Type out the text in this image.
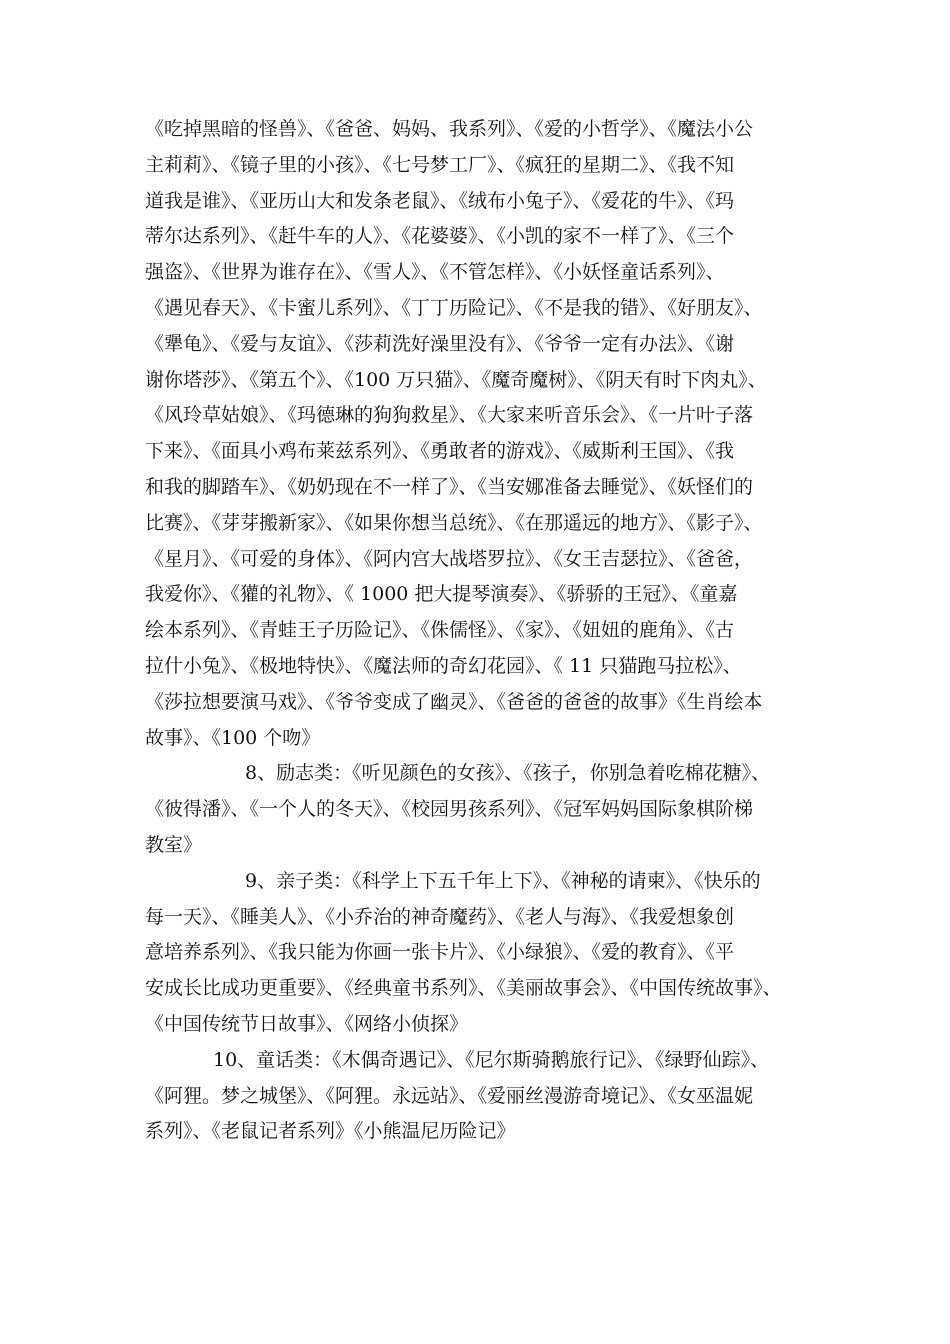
《吃掉黑暗的怪兽》、《爸爸、妈妈、我系列》、《爱的小哲学》、《魔法小公
主莉莉》、《镜子里的小孩》、《七号梦工厂》、《疯狂的星期二》、《我不知
道我是谁》、《亚历山大和发条老鼠》、《绒布小兔子》、《爱花的牛》、《玛
蒂尔达系列》、《赶牛车的人》、《花婆婆》、《小凯的家不一样了》、《三个
强盗》、《世界为谁存在》、《雪人》、《不管怎样》、《小妖怪童话系列》、
《遇见春天》、《卡蜜儿系列》、《丁丁历险记》、《不是我的错》、《好朋友》、
《犟龟》、《爱与友谊》、《莎莉洗好澡里没有》、《爷爷一定有办法》、《谢
谢你塔莎》、《第五个》、《100 万只猫》、《魔奇魔树》、《阴天有时下肉丸》、
《风玲草姑娘》、《玛德琳的狗狗救星》、《大家来听音乐会》、《一片叶子落
下来》、《面具小鸡布莱兹系列》、《勇敢者的游戏》、《威斯利王国》、《我
和我的脚踏车》、《奶奶现在不一样了》、《当安娜准备去睡觉》、《妖怪们的
比赛》、《芽芽搬新家》、《如果你想当总统》、《在那遥远的地方》、《影子》、
《星月》、《可爱的身体》、《阿内宫大战塔罗拉》、《女王吉瑟拉》、《爸爸，
我爱你》、《獾的礼物》、《 1000 把大提琴演奏》、《骄骄的王冠》、《童嘉
绘本系列》、《青蛙王子历险记》、《侏儒怪》、《家》、《妞妞的鹿角》、《古
拉什小兔》、《极地特快》、《魔法师的奇幻花园》、《 11 只猫跑马拉松》、
《莎拉想要演马戏》、《爷爷变成了幽灵》、《爸爸的爸爸的故事》《生肖绘本
故事》、《100 个吻》
8、励志类：《听见颜色的女孩》、《孩子，你别急着吃棉花糖》、
《彼得潘》、《一个人的冬天》、《校园男孩系列》、《冠军妈妈国际象棋阶梯
教室》
9、亲子类：《科学上下五千年上下》、《神秘的请柬》、《快乐的
每一天》、《睡美人》、《小乔治的神奇魔药》、《老人与海》、《我爱想象创
意培养系列》、《我只能为你画一张卡片》、《小绿狼》、《爱的教育》、《平
安成长比成功更重要》、《经典童书系列》、《美丽故事会》、《中国传统故事》、
《中国传统节日故事》、《网络小侦探》
10、童话类：《木偶奇遇记》、《尼尔斯骑鹅旅行记》、《绿野仙踪》、
《阿狸。梦之城堡》、《阿狸。永远站》、《爱丽丝漫游奇境记》、《女巫温妮
系列》、《老鼠记者系列》《小熊温尼历险记》
